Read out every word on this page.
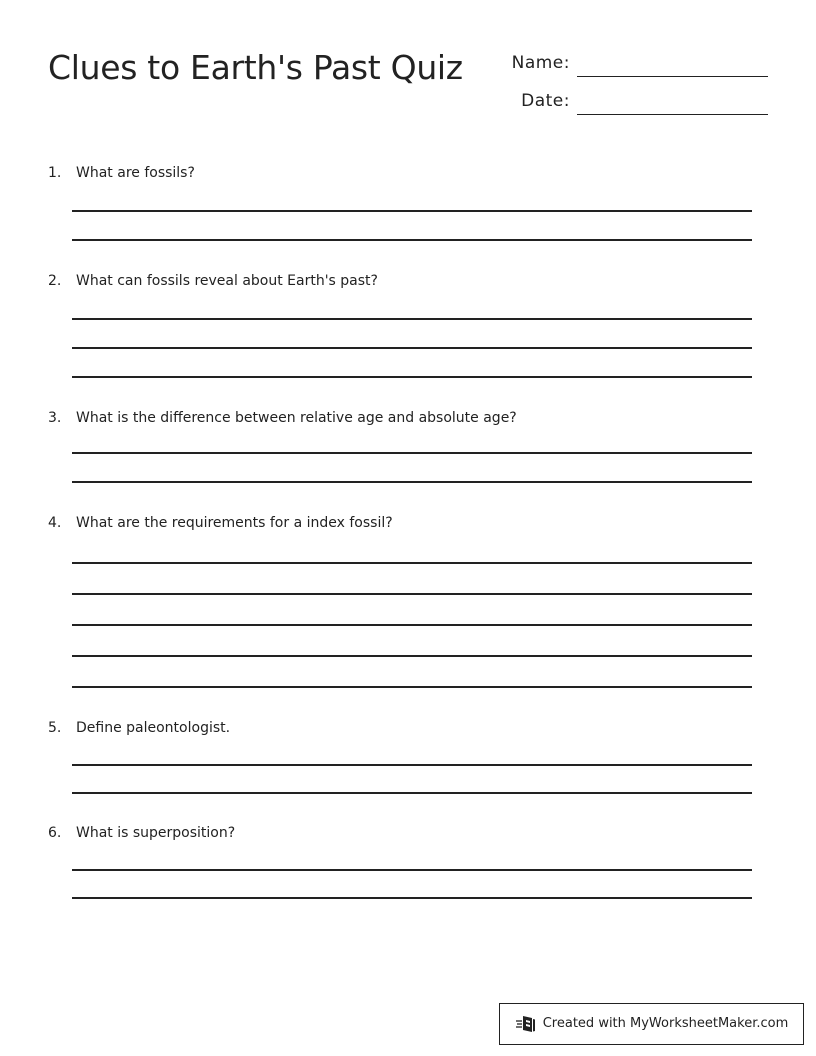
Clues to Earth's Past Quiz	Name:
Date:
1. What are fossils?
2. What can fossils reveal about Earth's past?
3. What is the difference between relative age and absolute age?
4. What are the requirements for a index fossil?
5. Define paleontologist.
6. What is superposition?
Created with MyWorksheetMaker.com
